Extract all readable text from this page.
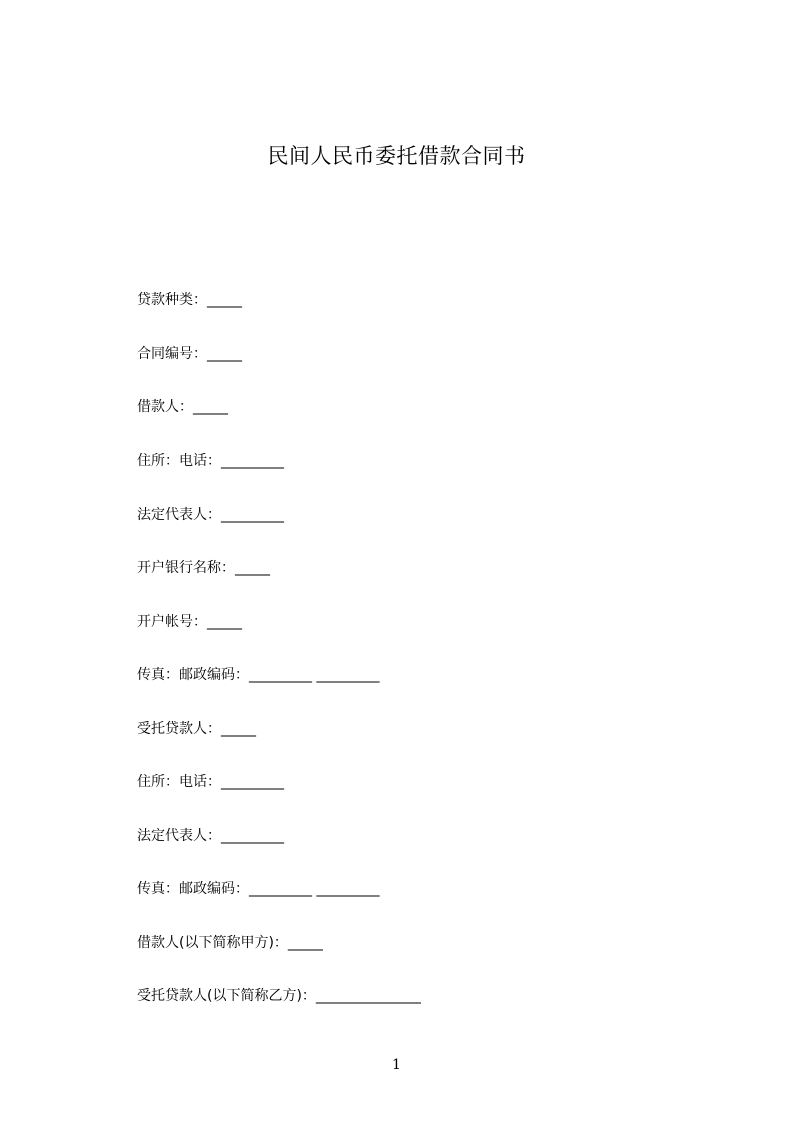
民间人民币委托借款合同书
贷款种类：_____
合同编号：_____
借款人：_____
住所：电话：_________
法定代表人：_________
开户银行名称：_____
开户帐号：_____
传真：邮政编码：_________ _________
受托贷款人：_____
住所：电话：_________
法定代表人：_________
传真：邮政编码：_________ _________
借款人(以下简称甲方)：_____
受托贷款人(以下简称乙方)：_______________
1
